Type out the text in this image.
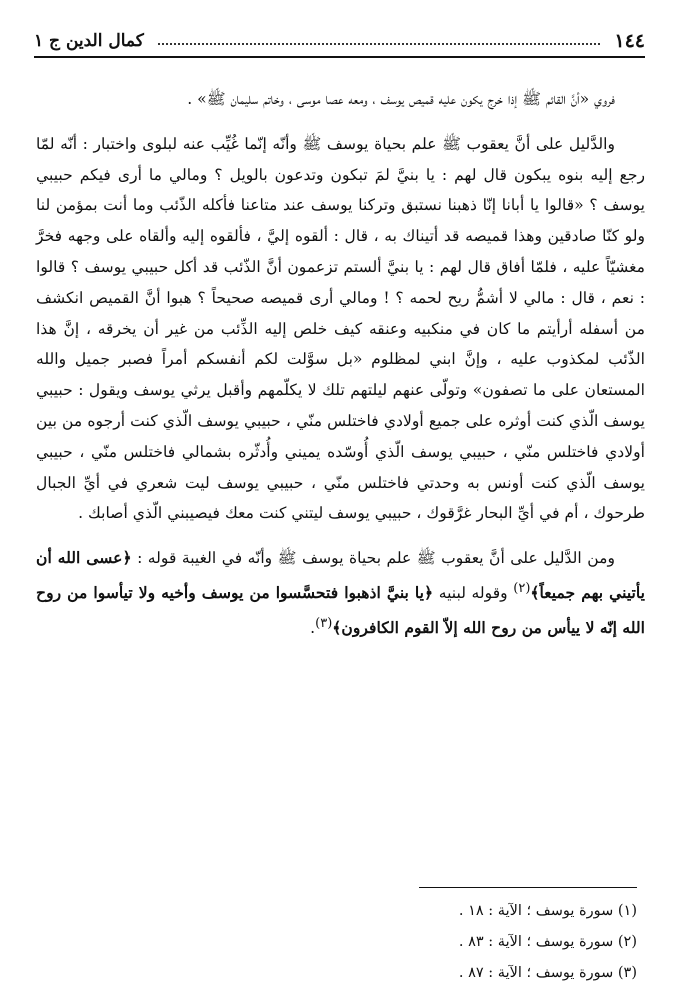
١٤٤
كمال الدين ج ١

فروي «أنَّ القائم ﷺ إذا خرج يكون عليه قميص يوسف ، ومعه عصا موسى ، وخاتم سليمان ﷺ» .

والدَّليل على أنَّ يعقوب ﷺ علم بحياة يوسف ﷺ وأنّه إنّما غُيِّب عنه لبلوى واختبار : أنّه لمّا رجع إليه بنوه يبكون قال لهم : يا بنيَّ لمَ تبكون وتدعون بالويل ؟ ومالي ما أرى فيكم حبيبي يوسف ؟ «قالوا يا أبانا إنّا ذهبنا نستبق وتركنا يوسف عند متاعنا فأكله الذّئب وما أنت بمؤمن لنا ولو كنّا صادقين وهذا قميصه قد أتيناك به ، قال : ألقوه إليَّ ، فألقوه إليه وألقاه على وجهه فخرَّ مغشيّاً عليه ، فلمّا أفاق قال لهم : يا بنيَّ ألستم تزعمون أنَّ الذّئب قد أكل حبيبي يوسف ؟ قالوا : نعم ، قال : مالي لا أشمُّ ريح لحمه ؟ ! ومالي أرى قميصه صحيحاً ؟ هبوا أنَّ القميص انكشف من أسفله أرأيتم ما كان في منكبيه وعنقه كيف خلص إليه الذِّئب من غير أن يخرقه ، إنَّ هذا الذّئب لمكذوب عليه ، وإنَّ ابني لمظلوم «بل سوَّلت لكم أنفسكم أمراً فصبر جميل والله المستعان على ما تصفون» وتولّى عنهم ليلتهم تلك لا يكلّمهم وأقبل يرثي يوسف ويقول : حبيبي يوسف الّذي كنت أوثره على جميع أولادي فاختلس منّي ، حبيبي يوسف الّذي كنت أرجوه من بين أولادي فاختلس منّي ، حبيبي يوسف الّذي أُوسّده يميني وأُدثّره بشمالي فاختلس منّي ، حبيبي يوسف الّذي كنت أونس به وحدتي فاختلس منّي ، حبيبي يوسف ليت شعري في أيِّ الجبال طرحوك ، أم في أيِّ البحار غرَّقوك ، حبيبي يوسف ليتني كنت معك فيصيبني الّذي أصابك .

ومن الدَّليل على أنَّ يعقوب ﷺ علم بحياة يوسف ﷺ وأنّه في الغيبة قوله : ﴿عسى الله أن يأتيني بهم جميعاً﴾$^{(٢)}$ وقوله لبنيه ﴿يا بنيَّ اذهبوا فتحسَّسوا من يوسف وأخيه ولا تيأسوا من روح الله إنّه لا ييأس من روح الله إلاّ القوم الكافرون﴾$^{(٣)}$.

(١) سورة يوسف ؛ الآية : ١٨ .
(٢) سورة يوسف ؛ الآية : ٨٣ .
(٣) سورة يوسف ؛ الآية : ٨٧ .
